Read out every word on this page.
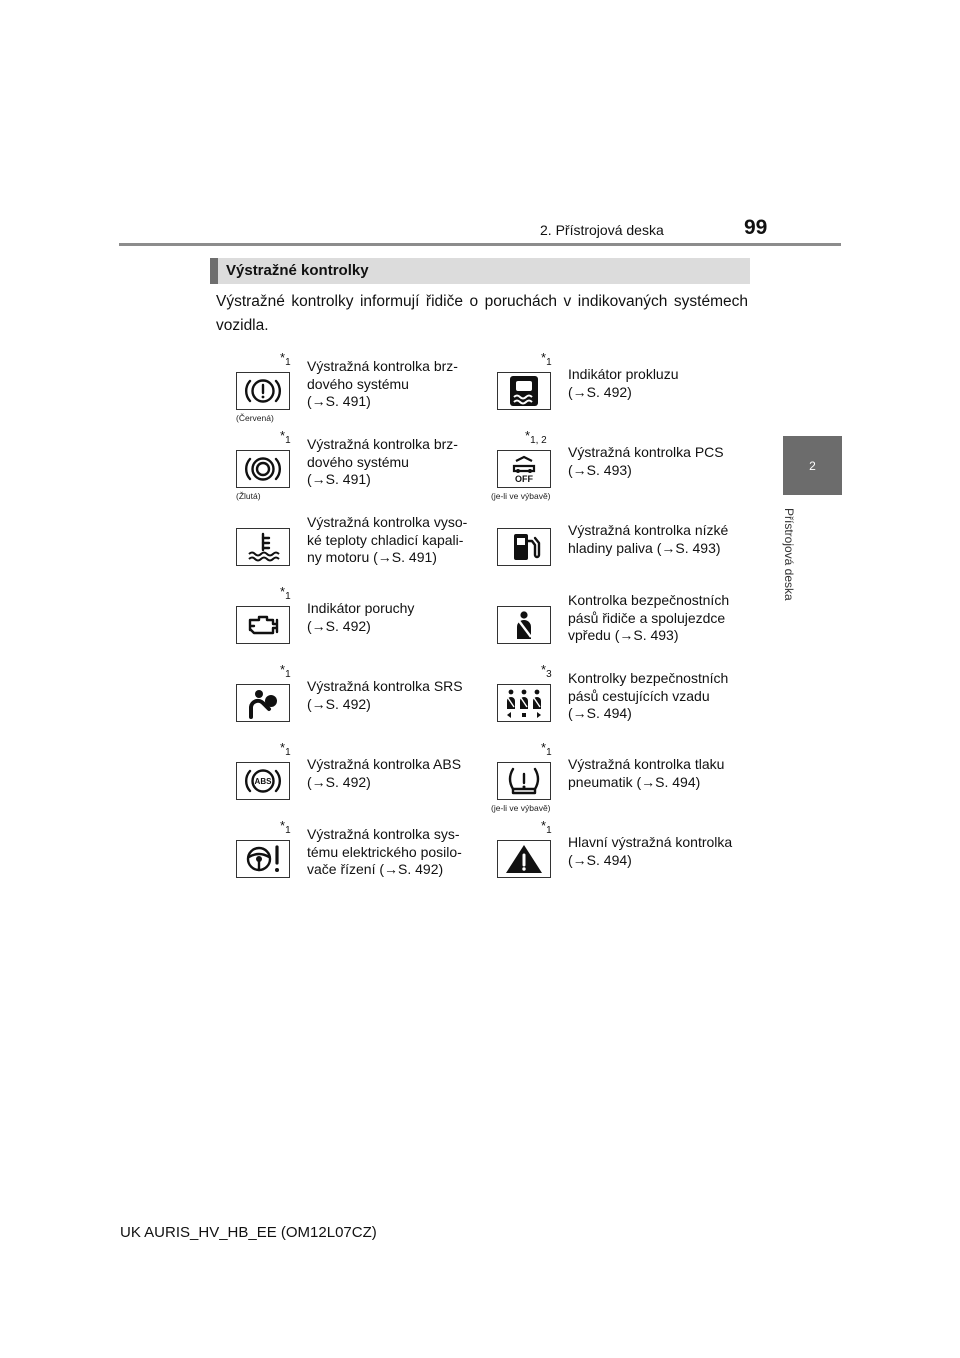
2. Přístrojová deska	99
2
Přístrojová deska
Výstražné kontrolky
Výstražné kontrolky informují řidiče o poruchách v indikovaných systémech vozidla.
$*_1$
(Červená)
Výstražná kontrolka brz-
dového systému
(→S. 491)
$*_1$
Indikátor prokluzu
(→S. 492)
$*_1$
(Žlutá)
Výstražná kontrolka brz-
dového systému
(→S. 491)
$*_{1, 2}$
OFF
(je-li ve výbavě)
Výstražná kontrolka PCS
(→S. 493)
Výstražná kontrolka vyso-
ké teploty chladicí kapali-
ny motoru (→S. 491)
Výstražná kontrolka nízké
hladiny paliva (→S. 493)
$*_1$
Indikátor poruchy
(→S. 492)
Kontrolka bezpečnostních
pásů řidiče a spolujezdce
vpředu (→S. 493)
$*_1$
Výstražná kontrolka SRS
(→S. 492)
$*_3$ Kontrolky bezpečnostních
pásů cestujících vzadu
(→S. 494)
$*_1$
ABS
Výstražná kontrolka ABS
(→S. 492)
$*_1$
(je-li ve výbavě)
Výstražná kontrolka tlaku
pneumatik (→S. 494)
$*_1$ Výstražná kontrolka sys-
tému elektrického posilo-
vače řízení (→S. 492)
$*_1$
Hlavní výstražná kontrolka
(→S. 494)
UK AURIS_HV_HB_EE (OM12L07CZ)
